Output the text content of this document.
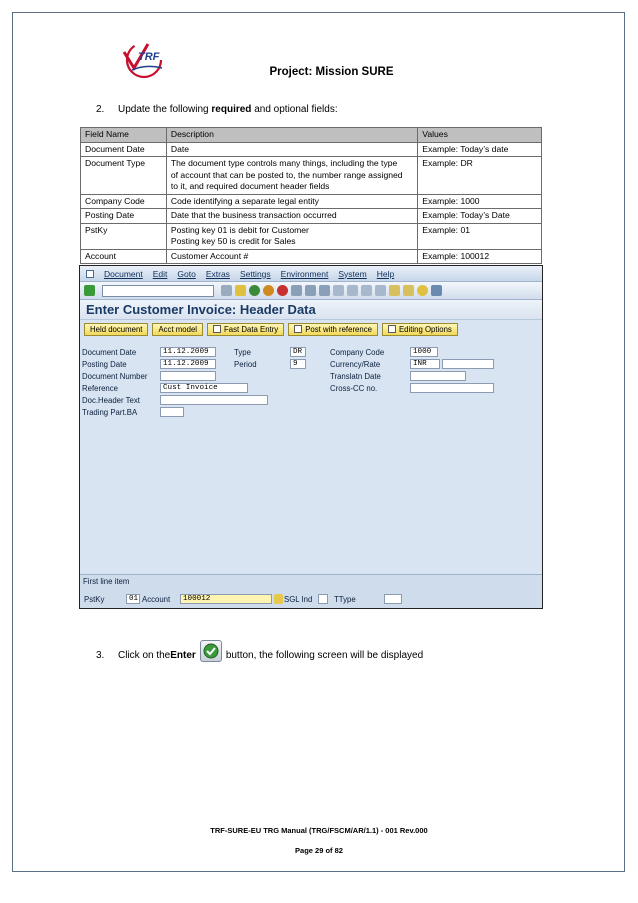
TRF
Project: Mission SURE
2. Update the following required and optional fields:
Field Name	Description	Values
Document Date	Date	Example: Today’s date
Document Type	The document type controls many things, including the type
of account that can be posted to, the number range assigned
to it, and required document header fields	Example: DR
Company Code	Code identifying a separate legal entity	Example: 1000
Posting Date	Date that the business transaction occurred	Example: Today’s Date
PstKy	Posting key 01 is debit for Customer
Posting key 50 is credit for Sales	Example: 01
Account	Customer Account #	Example: 100012
Document Edit Goto Extras Settings Environment System Help
Enter Customer Invoice: Header Data
Held document Acct model	Fast Data Entry	Post with reference	Editing Options
Document Date	11.12.2009
Posting Date	11.12.2009
Document Number
Reference	Cust Invoice
Doc.Header Text
Trading Part.BA
Type	DR
Period	9
Company Code	1000
Currency/Rate	INR
Translatn Date
Cross-CC no.
First line item
PstKy	01 Account	100012	SGL Ind	TType
3.	Click on the Enter	button, the following screen will be displayed
TRF-SURE-EU TRG Manual (TRG/FSCM/AR/1.1) - 001 Rev.000
Page 29 of 82
